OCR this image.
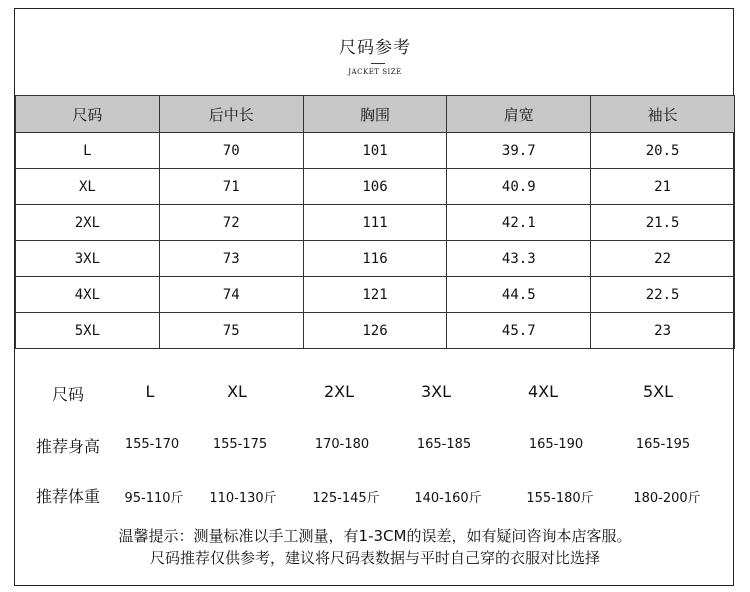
尺码参考
JACKET SIZE
尺码	后中长	胸围	肩宽	袖长
L	70	101	39.7	20.5
XL	71	106	40.9	21
2XL	72	111	42.1	21.5
3XL	73	116	43.3	22
4XL	74	121	44.5	22.5
5XL	75	126	45.7	23
尺码	L	XL	2XL	3XL	4XL	5XL
推荐身高 155-170	155-175	170-180	165-185	165-190	165-195
推荐体重 95-110斤 110-130斤	125-145斤	140-160斤	155-180斤	180-200斤
温馨提示：测量标准以手工测量，有1-3CM的误差，如有疑问咨询本店客服。
尺码推荐仅供参考，建议将尺码表数据与平时自己穿的衣服对比选择
